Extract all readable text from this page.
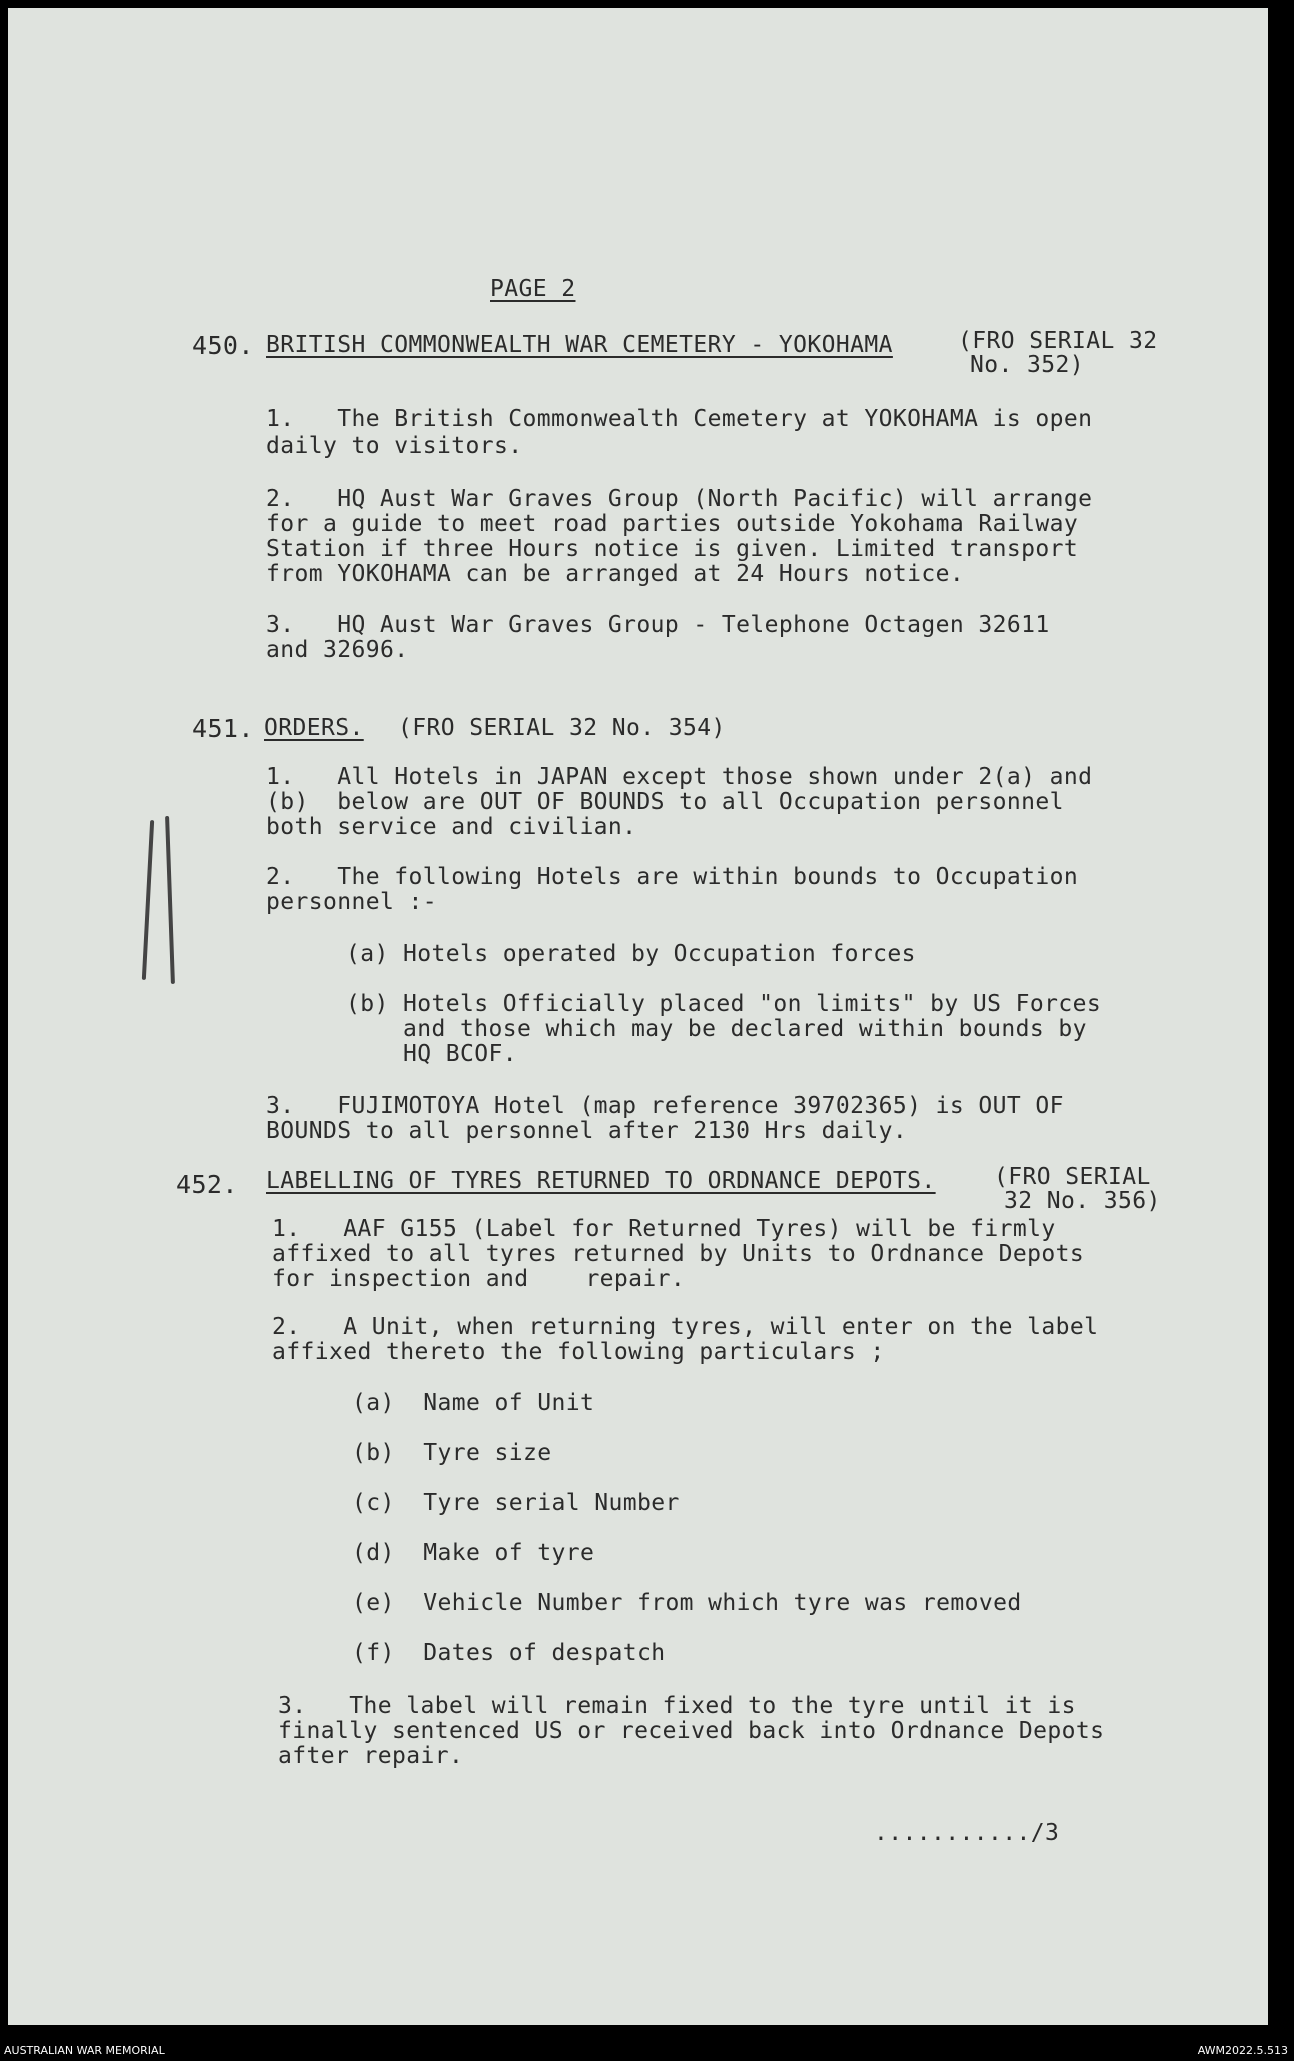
PAGE 2
450. BRITISH COMMONWEALTH WAR CEMETERY - YOKOHAMA	(FRO SERIAL 32
No. 352)
1.   The British Commonwealth Cemetery at YOKOHAMA is open
daily to visitors.
2.   HQ Aust War Graves Group (North Pacific) will arrange
for a guide to meet road parties outside Yokohama Railway
Station if three Hours notice is given. Limited transport
from YOKOHAMA can be arranged at 24 Hours notice.
3.   HQ Aust War Graves Group - Telephone Octagen 32611
and 32696.
451. ORDERS. (FRO SERIAL 32 No. 354)
1.   All Hotels in JAPAN except those shown under 2(a) and
(b)  below are OUT OF BOUNDS to all Occupation personnel
both service and civilian.
2.   The following Hotels are within bounds to Occupation
personnel :-
(a) Hotels operated by Occupation forces
(b) Hotels Officially placed "on limits" by US Forces
and those which may be declared within bounds by
HQ BCOF.
3.   FUJIMOTOYA Hotel (map reference 39702365) is OUT OF
BOUNDS to all personnel after 2130 Hrs daily.
452. LABELLING OF TYRES RETURNED TO ORDNANCE DEPOTS.	(FRO SERIAL
32 No. 356)
1.   AAF G155 (Label for Returned Tyres) will be firmly
affixed to all tyres returned by Units to Ordnance Depots
for inspection and    repair.
2.   A Unit, when returning tyres, will enter on the label
affixed thereto the following particulars ;
(a)  Name of Unit
(b)  Tyre size
(c)  Tyre serial Number
(d)  Make of tyre
(e)  Vehicle Number from which tyre was removed
(f)  Dates of despatch
3.   The label will remain fixed to the tyre until it is
finally sentenced US or received back into Ordnance Depots
after repair.
.........../3
AUSTRALIAN WAR MEMORIAL	AWM2022.5.513
